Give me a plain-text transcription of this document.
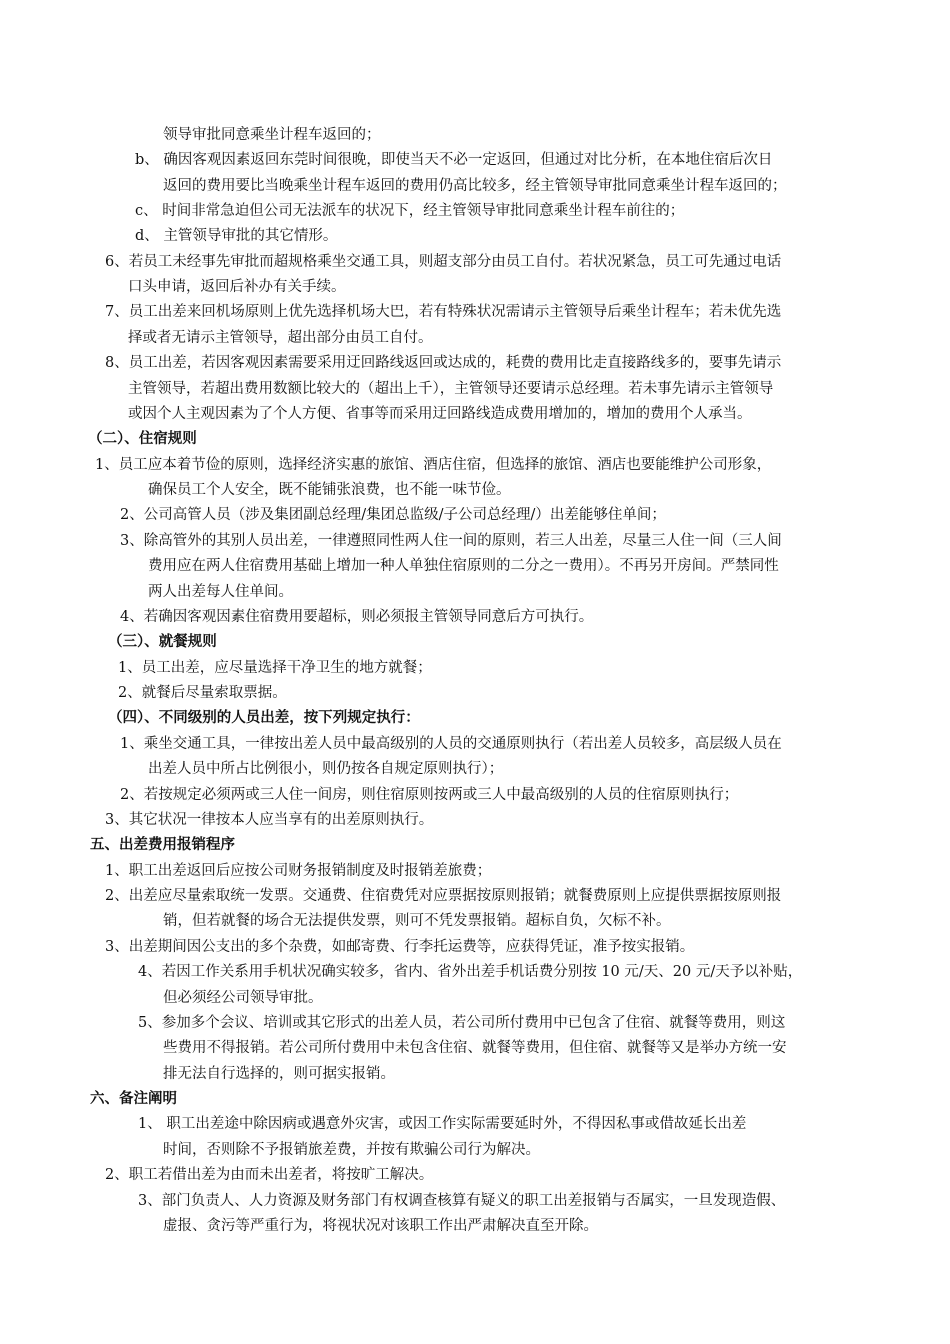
领导审批同意乘坐计程车返回的；
b、 确因客观因素返回东莞时间很晚，即使当天不必一定返回，但通过对比分析，在本地住宿后次日
返回的费用要比当晚乘坐计程车返回的费用仍高比较多，经主管领导审批同意乘坐计程车返回的；
c、 时间非常急迫但公司无法派车的状况下，经主管领导审批同意乘坐计程车前往的；
d、 主管领导审批的其它情形。
6、若员工未经事先审批而超规格乘坐交通工具，则超支部分由员工自付。若状况紧急，员工可先通过电话
口头申请，返回后补办有关手续。
7、员工出差来回机场原则上优先选择机场大巴，若有特殊状况需请示主管领导后乘坐计程车；若未优先选
择或者无请示主管领导，超出部分由员工自付。
8、员工出差，若因客观因素需要采用迂回路线返回或达成的，耗费的费用比走直接路线多的，要事先请示
主管领导，若超出费用数额比较大的（超出上千），主管领导还要请示总经理。若未事先请示主管领导
或因个人主观因素为了个人方便、省事等而采用迂回路线造成费用增加的，增加的费用个人承当。
（二）、住宿规则
1、员工应本着节俭的原则，选择经济实惠的旅馆、酒店住宿，但选择的旅馆、酒店也要能维护公司形象，
确保员工个人安全，既不能铺张浪费，也不能一味节俭。
2、公司高管人员（涉及集团副总经理/集团总监级/子公司总经理/）出差能够住单间；
3、除高管外的其别人员出差，一律遵照同性两人住一间的原则，若三人出差，尽量三人住一间（三人间
费用应在两人住宿费用基础上增加一种人单独住宿原则的二分之一费用）。不再另开房间。严禁同性
两人出差每人住单间。
4、若确因客观因素住宿费用要超标，则必须报主管领导同意后方可执行。
（三）、就餐规则
1、员工出差，应尽量选择干净卫生的地方就餐；
2、就餐后尽量索取票据。
（四）、不同级别的人员出差，按下列规定执行：
1、乘坐交通工具，一律按出差人员中最高级别的人员的交通原则执行（若出差人员较多，高层级人员在
出差人员中所占比例很小，则仍按各自规定原则执行）；
2、若按规定必须两或三人住一间房，则住宿原则按两或三人中最高级别的人员的住宿原则执行；
3、其它状况一律按本人应当享有的出差原则执行。
五、出差费用报销程序
1、职工出差返回后应按公司财务报销制度及时报销差旅费；
2、出差应尽量索取统一发票。交通费、住宿费凭对应票据按原则报销；就餐费原则上应提供票据按原则报
销，但若就餐的场合无法提供发票，则可不凭发票报销。超标自负，欠标不补。
3、出差期间因公支出的多个杂费，如邮寄费、行李托运费等，应获得凭证，准予按实报销。
4、若因工作关系用手机状况确实较多，省内、省外出差手机话费分别按 10 元/天、20 元/天予以补贴，
但必须经公司领导审批。
5、参加多个会议、培训或其它形式的出差人员，若公司所付费用中已包含了住宿、就餐等费用，则这
些费用不得报销。若公司所付费用中未包含住宿、就餐等费用，但住宿、就餐等又是举办方统一安
排无法自行选择的，则可据实报销。
六、备注阐明
1、 职工出差途中除因病或遇意外灾害，或因工作实际需要延时外，不得因私事或借故延长出差
时间，否则除不予报销旅差费，并按有欺骗公司行为解决。
2、职工若借出差为由而未出差者，将按旷工解决。
3、部门负责人、人力资源及财务部门有权调查核算有疑义的职工出差报销与否属实，一旦发现造假、
虚报、贪污等严重行为，将视状况对该职工作出严肃解决直至开除。
